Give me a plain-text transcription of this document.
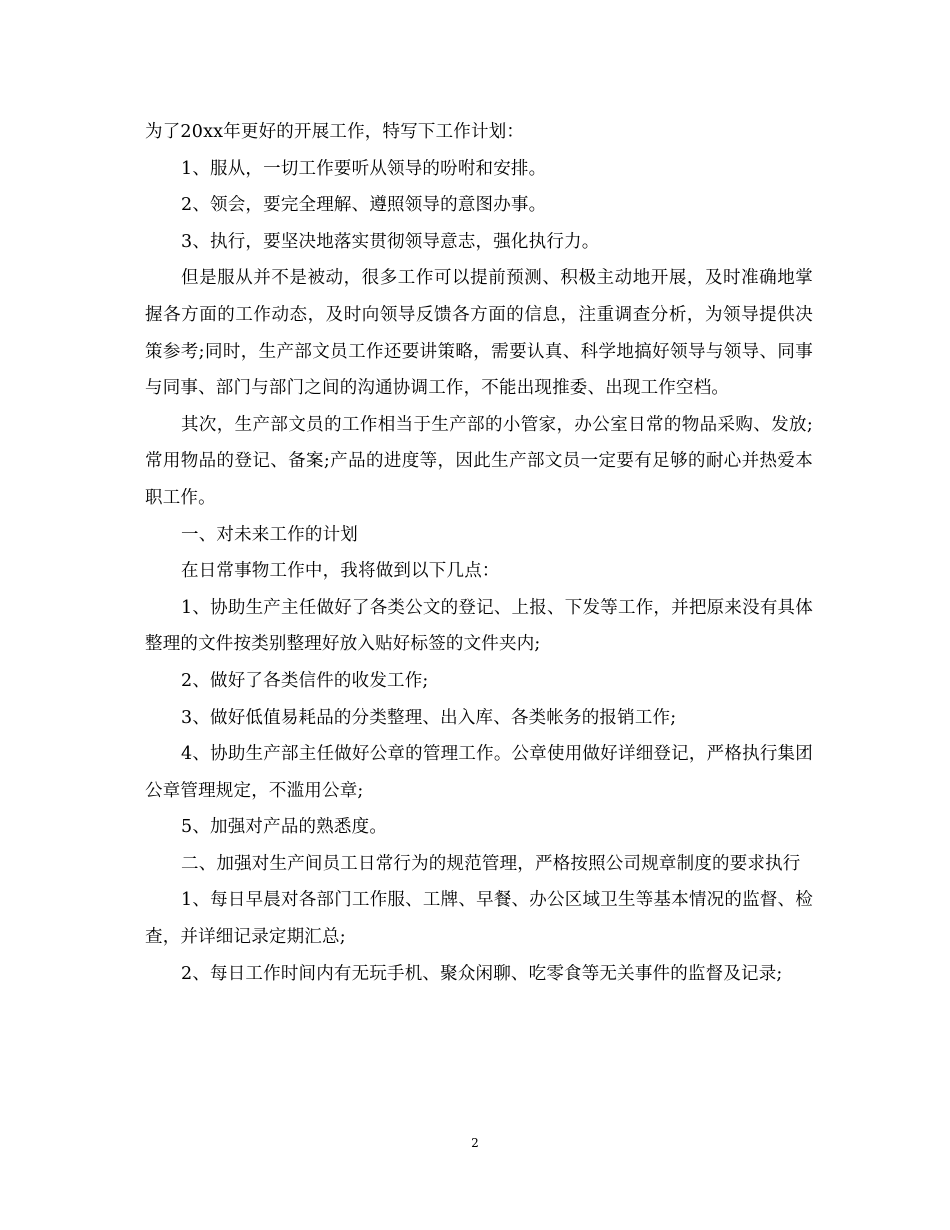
为了20xx年更好的开展工作，特写下工作计划：

1、服从，一切工作要听从领导的吩咐和安排。

2、领会，要完全理解、遵照领导的意图办事。

3、执行，要坚决地落实贯彻领导意志，强化执行力。

但是服从并不是被动，很多工作可以提前预测、积极主动地开展，及时准确地掌握各方面的工作动态，及时向领导反馈各方面的信息，注重调查分析，为领导提供决策参考;同时，生产部文员工作还要讲策略，需要认真、科学地搞好领导与领导、同事与同事、部门与部门之间的沟通协调工作，不能出现推委、出现工作空档。

其次，生产部文员的工作相当于生产部的小管家，办公室日常的物品采购、发放;常用物品的登记、备案;产品的进度等，因此生产部文员一定要有足够的耐心并热爱本职工作。

一、对未来工作的计划

在日常事物工作中，我将做到以下几点：

1、协助生产主任做好了各类公文的登记、上报、下发等工作，并把原来没有具体整理的文件按类别整理好放入贴好标签的文件夹内;

2、做好了各类信件的收发工作;

3、做好低值易耗品的分类整理、出入库、各类帐务的报销工作;

4、协助生产部主任做好公章的管理工作。公章使用做好详细登记，严格执行集团公章管理规定，不滥用公章;

5、加强对产品的熟悉度。

二、加强对生产间员工日常行为的规范管理，严格按照公司规章制度的要求执行

1、每日早晨对各部门工作服、工牌、早餐、办公区域卫生等基本情况的监督、检查，并详细记录定期汇总;

2、每日工作时间内有无玩手机、聚众闲聊、吃零食等无关事件的监督及记录;

2
